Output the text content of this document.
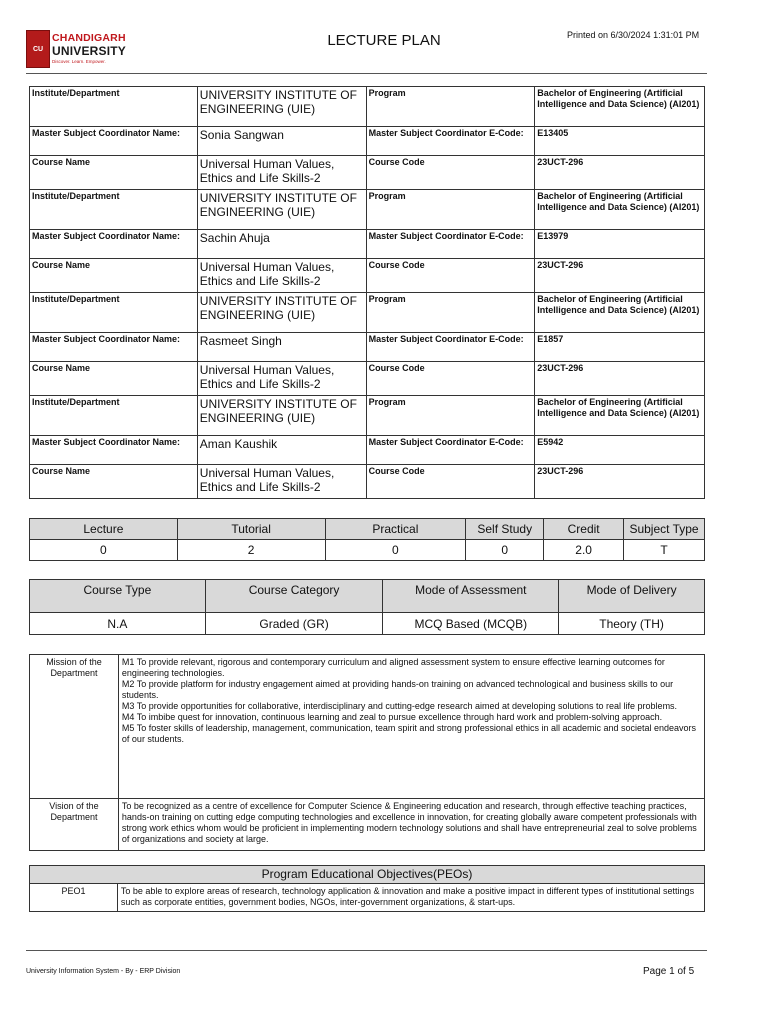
CU
CHANDIGARH
UNIVERSITY
Discover. Learn. Empower.
LECTURE PLAN	Printed on 6/30/2024 1:31:01 PM
Institute/Department	UNIVERSITY INSTITUTE OF ENGINEERING (UIE)	Program	Bachelor of Engineering (Artificial Intelligence and Data Science) (AI201)
Master Subject Coordinator Name:	Sonia Sangwan	Master Subject Coordinator E-Code:	E13405
Course Name	Universal Human Values, Ethics and Life Skills-2	Course Code	23UCT-296
Institute/Department	UNIVERSITY INSTITUTE OF ENGINEERING (UIE)	Program	Bachelor of Engineering (Artificial Intelligence and Data Science) (AI201)
Master Subject Coordinator Name:	Sachin Ahuja	Master Subject Coordinator E-Code:	E13979
Course Name	Universal Human Values, Ethics and Life Skills-2	Course Code	23UCT-296
Institute/Department	UNIVERSITY INSTITUTE OF ENGINEERING (UIE)	Program	Bachelor of Engineering (Artificial Intelligence and Data Science) (AI201)
Master Subject Coordinator Name:	Rasmeet Singh	Master Subject Coordinator E-Code:	E1857
Course Name	Universal Human Values, Ethics and Life Skills-2	Course Code	23UCT-296
Institute/Department	UNIVERSITY INSTITUTE OF ENGINEERING (UIE)	Program	Bachelor of Engineering (Artificial Intelligence and Data Science) (AI201)
Master Subject Coordinator Name:	Aman Kaushik	Master Subject Coordinator E-Code:	E5942
Course Name	Universal Human Values, Ethics and Life Skills-2	Course Code	23UCT-296
Lecture	Tutorial	Practical	Self Study	Credit	Subject Type
0	2	0	0	2.0	T
Course Type	Course Category	Mode of Assessment	Mode of Delivery
N.A	Graded (GR)	MCQ Based (MCQB)	Theory (TH)
Mission of the Department	M1 To provide relevant, rigorous and contemporary curriculum and aligned assessment system to ensure effective learning outcomes for engineering technologies.
M2 To provide platform for industry engagement aimed at providing hands-on training on advanced technological and business skills to our students.
M3 To provide opportunities for collaborative, interdisciplinary and cutting-edge research aimed at developing solutions to real life problems.
M4 To imbibe quest for innovation, continuous learning and zeal to pursue excellence through hard work and problem-solving approach.
M5 To foster skills of leadership, management, communication, team spirit and strong professional ethics in all academic and societal endeavors of our students.

Vision of the Department	To be recognized as a centre of excellence for Computer Science & Engineering education and research, through effective teaching practices, hands-on training on cutting edge computing technologies and excellence in innovation, for creating globally aware competent professionals with strong work ethics whom would be proficient in implementing modern technology solutions and shall have entrepreneurial zeal to solve problems of organizations and society at large.
Program Educational Objectives(PEOs)
PEO1	To be able to explore areas of research, technology application & innovation and make a positive impact in different types of institutional settings such as corporate entities, government bodies, NGOs, inter-government organizations, & start-ups.
University Information System - By - ERP Division	Page 1 of 5
